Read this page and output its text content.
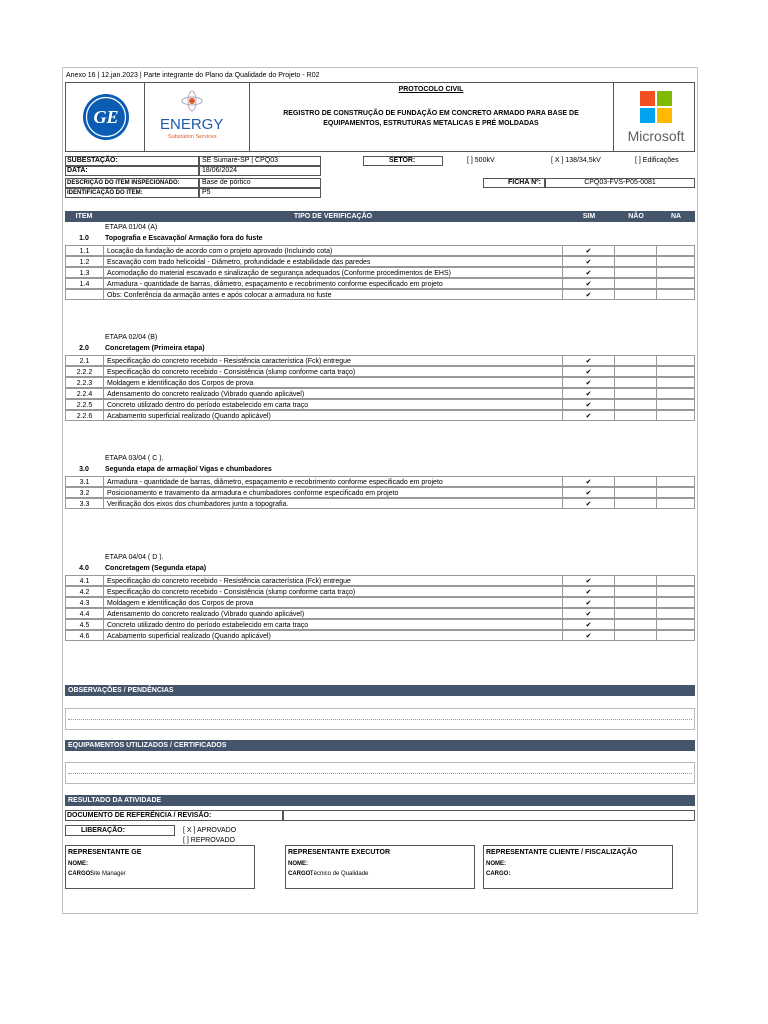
Anexo 16 | 12.jan.2023 | Parte integrante do Plano da Qualidade do Projeto - R02
GE	ENERGY
Substation Services
PROTOCOLO CIVIL
REGISTRO DE CONSTRUÇÃO DE FUNDAÇÃO EM CONCRETO ARMADO PARA BASE DE
EQUIPAMENTOS, ESTRUTURAS METALICAS E PRÉ MOLDADAS
Microsoft
SUBESTAÇÃO:	SE Sumaré-SP | CPQ03	SETOR:	[ ] 500kV	[ X ] 138/34,5kV	[ ] Edificações
DATA:	18/06/2024
DESCRIÇÃO DO ITEM INSPECIONADO:	Base de pórtico	FICHA Nº:	CPQ03-FVS-P05-0081
IDENTIFICAÇÃO DO ITEM:	P5
ITEM	TIPO DE VERIFICAÇÃO	SIM	NÃO	NA
ETAPA 01/04 (A)
1.0	Topografia e Escavação/ Armação fora do fuste
1.1	Locação da fundação de acordo com o projeto aprovado (Incluindo cota)	✔
1.2	Escavação com trado helicoidal - Diâmetro, profundidade e estabilidade das paredes	✔
1.3	Acomodação do material escavado e sinalização de segurança adequados (Conforme procedimentos de EHS)	✔
1.4	Armadura - quantidade de barras, diâmetro, espaçamento e recobrimento conforme especificado em projeto	✔
Obs: Conferência da armação antes e após colocar a armadura no fuste	✔
ETAPA 02/04 (B)
2.0	Concretagem (Primeira etapa)
2.1	Especificação do concreto recebido - Resistência característica (Fck) entregue	✔
2.2.2	Especificação do concreto recebido - Consistência (slump conforme carta traço)	✔
2.2.3	Moldagem e identificação dos Corpos de prova	✔
2.2.4	Adensamento do concreto realizado (Vibrado quando aplicável)	✔
2.2.5	Concreto utilizado dentro do período estabelecido em carta traço	✔
2.2.6	Acabamento superficial realizado (Quando aplicável)	✔
ETAPA 03/04 ( C ).
3.0	Segunda etapa de armação/ Vigas e chumbadores
3.1	Armadura - quantidade de barras, diâmetro, espaçamento e recobrimento conforme especificado em projeto	✔
3.2	Posicionamento e travamento da armadura e chumbadores conforme especificado em projeto	✔
3.3	Verificação dos eixos dos chumbadores junto a topografia.	✔
ETAPA 04/04 ( D ).
4.0	Concretagem (Segunda etapa)
4.1	Especificação do concreto recebido - Resistência característica (Fck) entregue	✔
4.2	Especificação do concreto recebido - Consistência (slump conforme carta traço)	✔
4.3	Moldagem e identificação dos Corpos de prova	✔
4.4	Adensamento do concreto realizado (Vibrado quando aplicável)	✔
4.5	Concreto utilizado dentro do período estabelecido em carta traço	✔
4.6	Acabamento superficial realizado (Quando aplicável)	✔
OBSERVAÇÕES / PENDÊNCIAS
EQUIPAMENTOS UTILIZADOS / CERTIFICADOS
RESULTADO DA ATIVIDADE
DOCUMENTO DE REFERÊNCIA / REVISÃO:
LIBERAÇÃO:	[ X ] APROVADO
[ ] REPROVADO
REPRESENTANTE GE
NOME:
CARGO:
Site Manager
REPRESENTANTE EXECUTOR
NOME:
CARGO:
Técnico de Qualidade
REPRESENTANTE CLIENTE / FISCALIZAÇÃO
NOME:
CARGO:
